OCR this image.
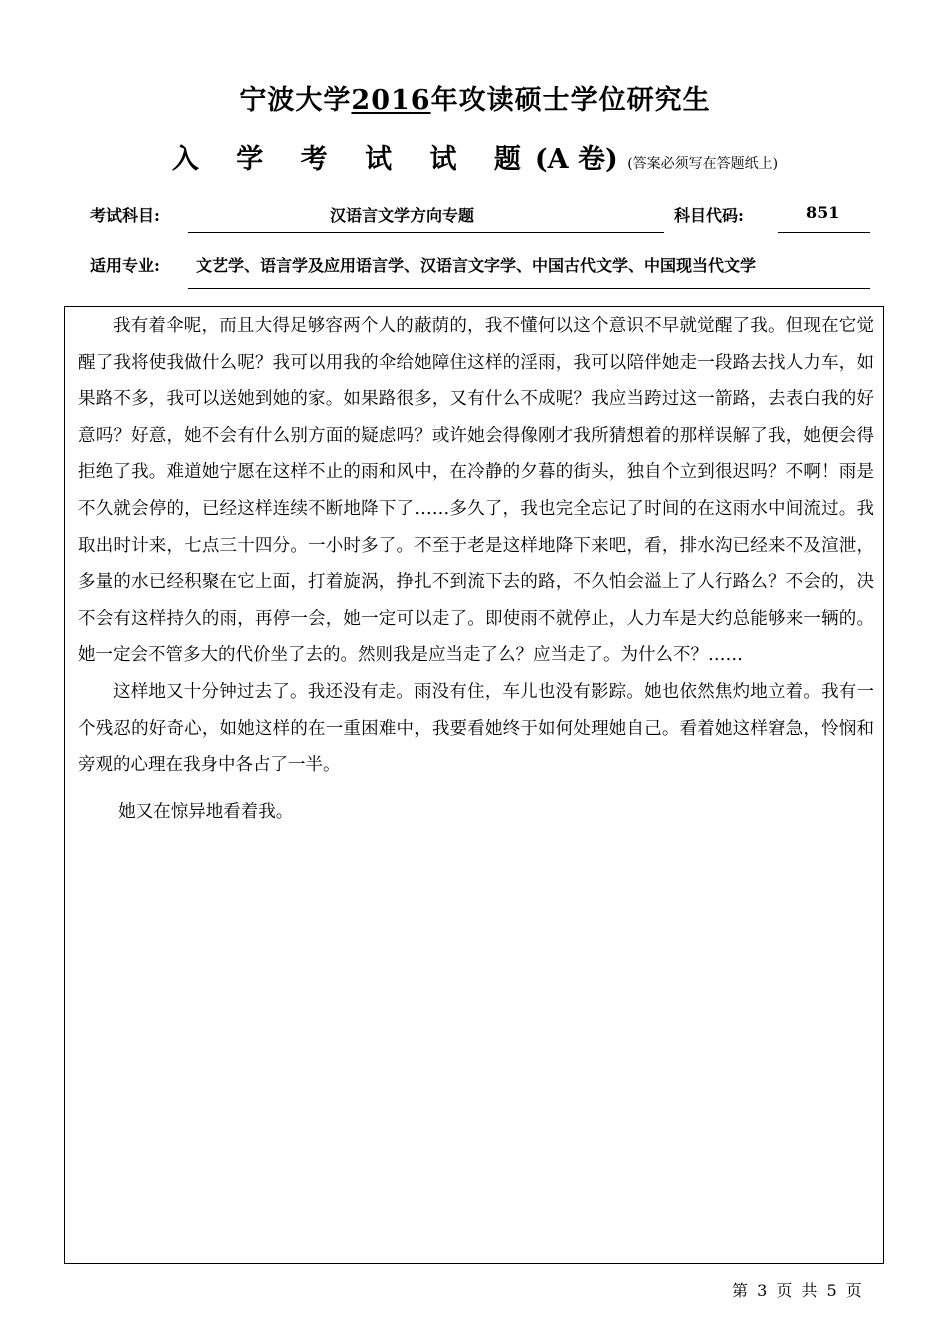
宁波大学2016年攻读硕士学位研究生
入 学 考 试 试 题(A 卷) (答案必须写在答题纸上)
考试科目:	汉语言文学方向专题	科目代码:	851
适用专业: 文艺学、语言学及应用语言学、汉语言文字学、中国古代文学、中国现当代文学

我有着伞呢，而且大得足够容两个人的蔽荫的，我不懂何以这个意识不早就觉醒了我。但现在它觉醒了我将使我做什么呢？我可以用我的伞给她障住这样的淫雨，我可以陪伴她走一段路去找人力车，如果路不多，我可以送她到她的家。如果路很多，又有什么不成呢？我应当跨过这一箭路，去表白我的好意吗？好意，她不会有什么别方面的疑虑吗？或许她会得像刚才我所猜想着的那样误解了我，她便会得拒绝了我。难道她宁愿在这样不止的雨和风中，在冷静的夕暮的街头，独自个立到很迟吗？不啊！雨是不久就会停的，已经这样连续不断地降下了……多久了，我也完全忘记了时间的在这雨水中间流过。我取出时计来，七点三十四分。一小时多了。不至于老是这样地降下来吧，看，排水沟已经来不及渲泄，多量的水已经积聚在它上面，打着旋涡，挣扎不到流下去的路，不久怕会溢上了人行路么？不会的，决不会有这样持久的雨，再停一会，她一定可以走了。即使雨不就停止，人力车是大约总能够来一辆的。她一定会不管多大的代价坐了去的。然则我是应当走了么？应当走了。为什么不？……

这样地又十分钟过去了。我还没有走。雨没有住，车儿也没有影踪。她也依然焦灼地立着。我有一个残忍的好奇心，如她这样的在一重困难中，我要看她终于如何处理她自己。看着她这样窘急，怜悯和旁观的心理在我身中各占了一半。

她又在惊异地看着我。

第 3 页 共 5 页
